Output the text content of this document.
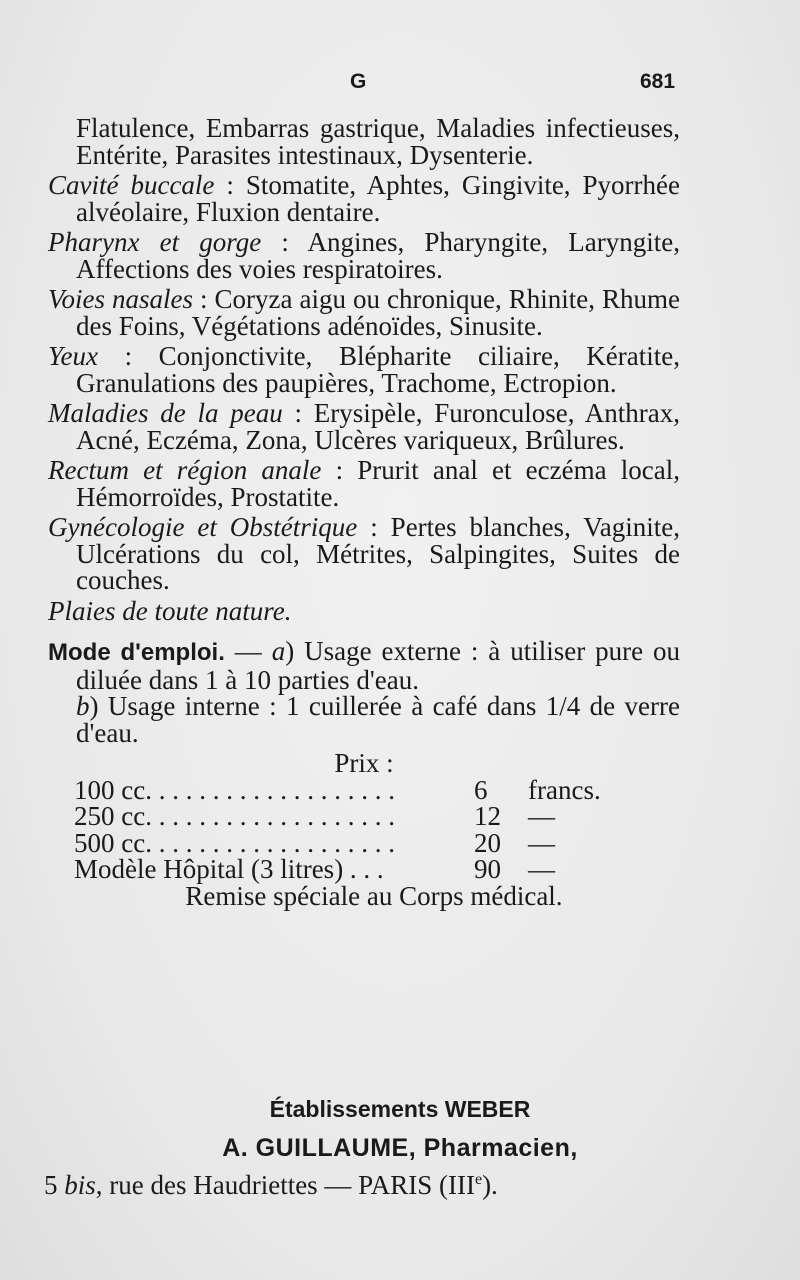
G	681

Flatulence, Embarras gastrique, Maladies infectieuses, Entérite, Parasites intestinaux, Dysenterie.

Cavité buccale : Stomatite, Aphtes, Gingivite, Pyorrhée alvéolaire, Fluxion dentaire.

Pharynx et gorge : Angines, Pharyngite, Laryngite, Affections des voies respiratoires.

Voies nasales : Coryza aigu ou chronique, Rhinite, Rhume des Foins, Végétations adénoïdes, Sinusite.

Yeux : Conjonctivite, Blépharite ciliaire, Kératite, Granulations des paupières, Trachome, Ectropion.

Maladies de la peau : Erysipèle, Furonculose, Anthrax, Acné, Eczéma, Zona, Ulcères variqueux, Brûlures.

Rectum et région anale : Prurit anal et eczéma local, Hémorroïdes, Prostatite.

Gynécologie et Obstétrique : Pertes blanches, Vaginite, Ulcérations du col, Métrites, Salpingites, Suites de couches.

Plaies de toute nature.

Mode d'emploi. — a) Usage externe : à utiliser pure ou diluée dans 1 à 10 parties d'eau.

b) Usage interne : 1 cuillerée à café dans 1/4 de verre d'eau.

Prix :

100 cc. . . . . . . . . . . . . . . . . . .	6	francs.
250 cc. . . . . . . . . . . . . . . . . . .	12	—
500 cc. . . . . . . . . . . . . . . . . . .	20	—
Modèle Hôpital (3 litres) . . .	90	—

Remise spéciale au Corps médical.

Établissements WEBER
A. GUILLAUME, Pharmacien,
5 bis, rue des Haudriettes — PARIS (IIIe).
